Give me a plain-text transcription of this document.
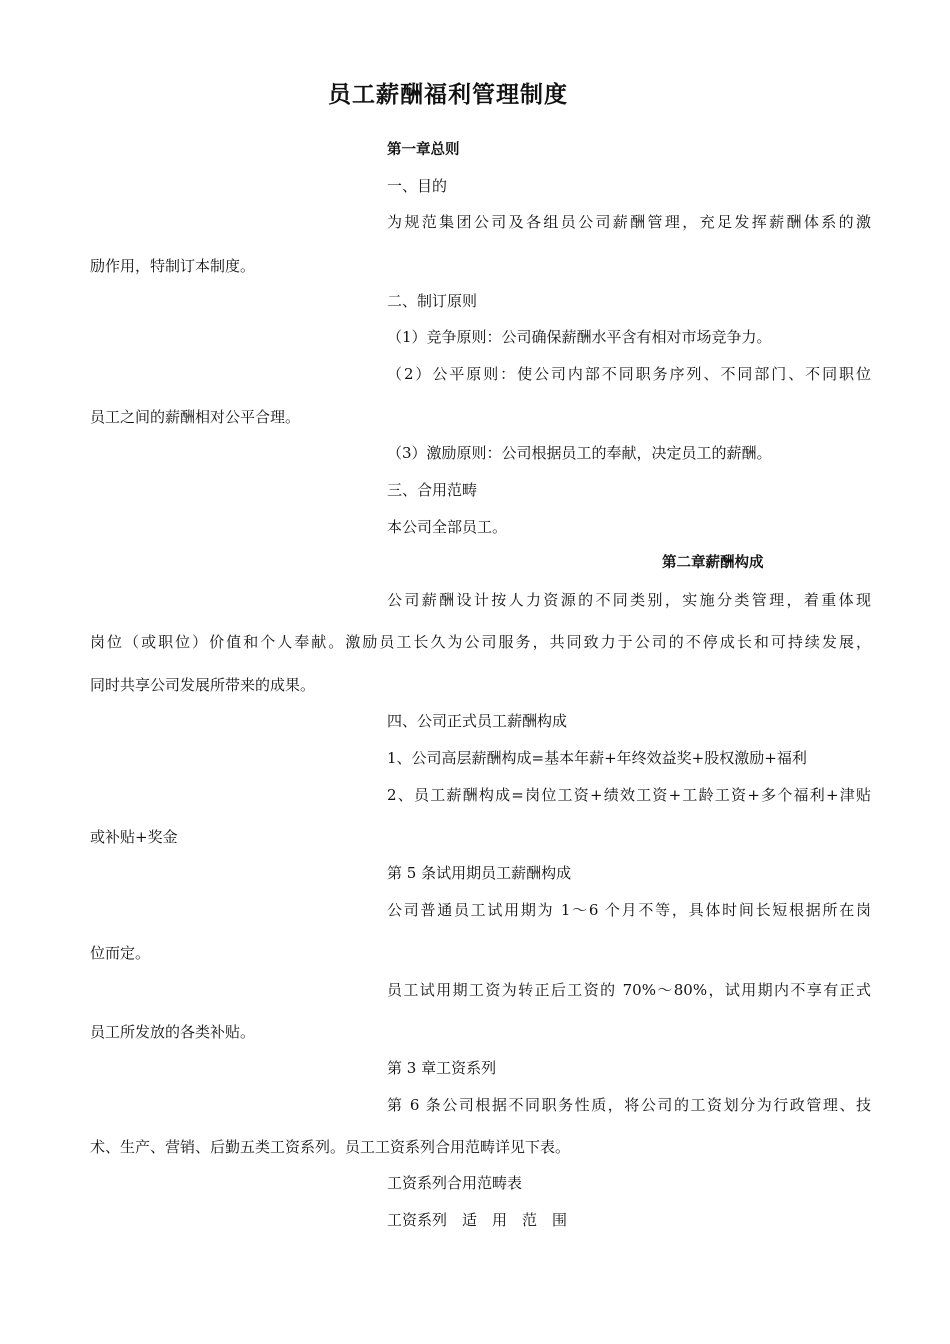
员工薪酬福利管理制度
第一章总则
一、目的
为规范集团公司及各组员公司薪酬管理，充足发挥薪酬体系的激
励作用，特制订本制度。
二、制订原则
（1）竞争原则：公司确保薪酬水平含有相对市场竞争力。
（2）公平原则：使公司内部不同职务序列、不同部门、不同职位
员工之间的薪酬相对公平合理。
（3）激励原则：公司根据员工的奉献，决定员工的薪酬。
三、合用范畴
本公司全部员工。
第二章薪酬构成
公司薪酬设计按人力资源的不同类别，实施分类管理，着重体现
岗位（或职位）价值和个人奉献。激励员工长久为公司服务，共同致力于公司的不停成长和可持续发展，
同时共享公司发展所带来的成果。
四、公司正式员工薪酬构成
1、公司高层薪酬构成=基本年薪+年终效益奖+股权激励+福利
2、员工薪酬构成=岗位工资+绩效工资+工龄工资+多个福利+津贴
或补贴+奖金
第 5 条试用期员工薪酬构成
公司普通员工试用期为 1～6 个月不等，具体时间长短根据所在岗
位而定。
员工试用期工资为转正后工资的 70%～80%，试用期内不享有正式
员工所发放的各类补贴。
第 3 章工资系列
第 6 条公司根据不同职务性质，将公司的工资划分为行政管理、技
术、生产、营销、后勤五类工资系列。员工工资系列合用范畴详见下表。
工资系列合用范畴表
工资系列　适　用　范　围
